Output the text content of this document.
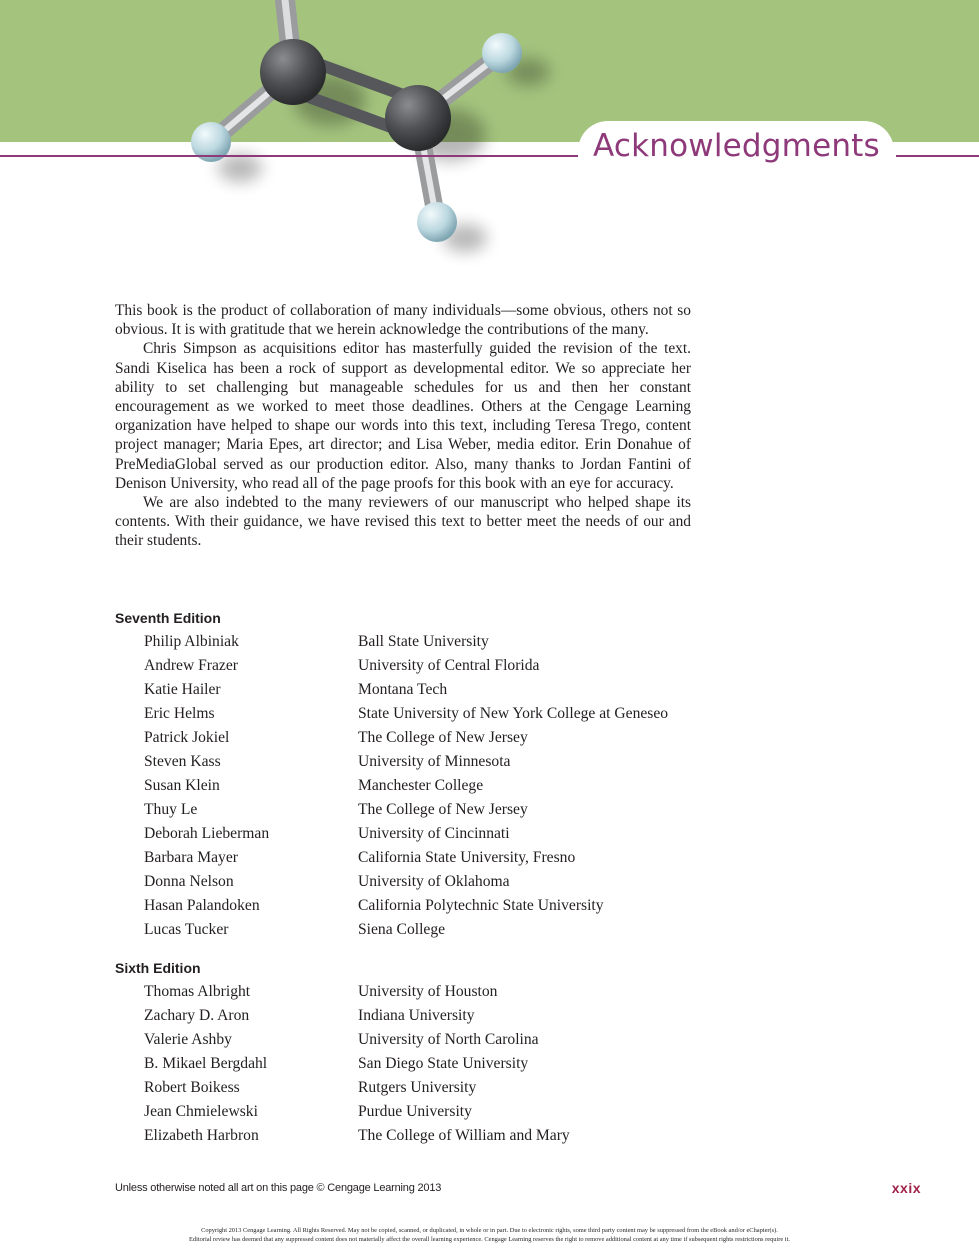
Acknowledgments

This book is the product of collaboration of many individuals—some obvious, others not so obvious. It is with gratitude that we herein acknowledge the contributions of the many.

Chris Simpson as acquisitions editor has masterfully guided the revision of the text. Sandi Kiselica has been a rock of support as developmental editor. We so appreciate her ability to set challenging but manageable schedules for us and then her constant encouragement as we worked to meet those deadlines. Others at the Cengage Learning organization have helped to shape our words into this text, including Teresa Trego, content project manager; Maria Epes, art director; and Lisa Weber, media editor. Erin Donahue of PreMediaGlobal served as our production editor. Also, many thanks to Jordan Fantini of Denison University, who read all of the page proofs for this book with an eye for accuracy.

We are also indebted to the many reviewers of our manuscript who helped shape its contents. With their guidance, we have revised this text to better meet the needs of our and their students.

Seventh Edition
Philip Albiniak	Ball State University
Andrew Frazer	University of Central Florida
Katie Hailer	Montana Tech
Eric Helms	State University of New York College at Geneseo
Patrick Jokiel	The College of New Jersey
Steven Kass	University of Minnesota
Susan Klein	Manchester College
Thuy Le	The College of New Jersey
Deborah Lieberman	University of Cincinnati
Barbara Mayer	California State University, Fresno
Donna Nelson	University of Oklahoma
Hasan Palandoken	California Polytechnic State University
Lucas Tucker	Siena College
Sixth Edition
Thomas Albright	University of Houston
Zachary D. Aron	Indiana University
Valerie Ashby	University of North Carolina
B. Mikael Bergdahl	San Diego State University
Robert Boikess	Rutgers University
Jean Chmielewski	Purdue University
Elizabeth Harbron	The College of William and Mary
Unless otherwise noted all art on this page © Cengage Learning 2013	xxix
Copyright 2013 Cengage Learning. All Rights Reserved. May not be copied, scanned, or duplicated, in whole or in part. Due to electronic rights, some third party content may be suppressed from the eBook and/or eChapter(s).
Editorial review has deemed that any suppressed content does not materially affect the overall learning experience. Cengage Learning reserves the right to remove additional content at any time if subsequent rights restrictions require it.
